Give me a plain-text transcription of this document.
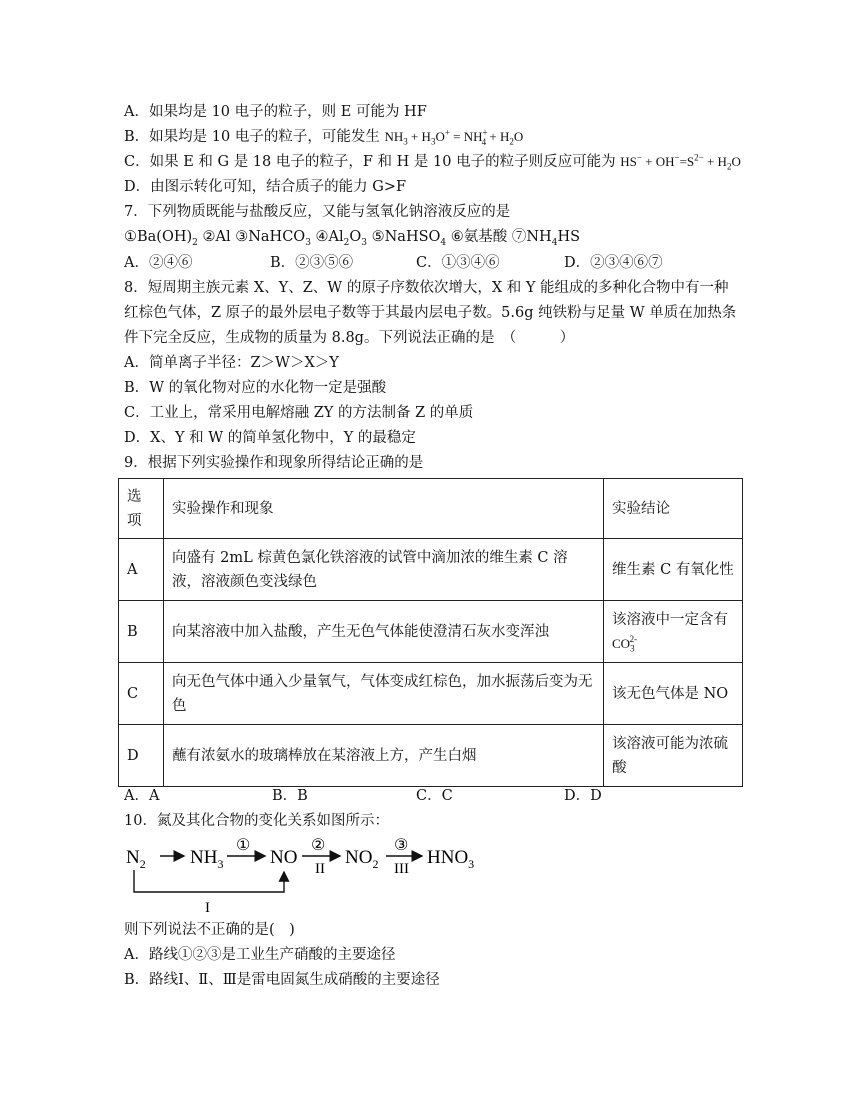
A．如果均是 10 电子的粒子，则 E 可能为 HF
B．如果均是 10 电子的粒子，可能发生 $NH_3 + H_3O^+ = NH^+_4 + H_2O$
C．如果 E 和 G 是 18 电子的粒子，F 和 H 是 10 电子的粒子则反应可能为 $HS^- + OH^-=S^{2-} + H_2O$
D．由图示转化可知，结合质子的能力 G>F
7．下列物质既能与盐酸反应，又能与氢氧化钠溶液反应的是
$①Ba(OH)_2$ ②Al ③NaHCO$_3$ $④Al_2O_3$ ⑤NaHSO$_4$ ⑥氨基酸 $⑦NH_4HS$
A．②④⑥	B．②③⑤⑥	C．①③④⑥	D．②③④⑥⑦
8．短周期主族元素 X、Y、Z、W 的原子序数依次增大，X 和 Y 能组成的多种化合物中有一种
红棕色气体，Z 原子的最外层电子数等于其最内层电子数。5.6g 纯铁粉与足量 W 单质在加热条
件下完全反应，生成物的质量为 8.8g。下列说法正确的是　（　　　）
A．简单离子半径：Z＞W＞X＞Y
B．W 的氧化物对应的水化物一定是强酸
C．工业上，常采用电解熔融 ZY 的方法制备 Z 的单质
D．X、Y 和 W 的简单氢化物中，Y 的最稳定
9．根据下列实验操作和现象所得结论正确的是
选项	实验操作和现象	实验结论
A	向盛有 2mL 棕黄色氯化铁溶液的试管中滴加浓的维生素 C 溶液，溶液颜色变浅绿色	维生素 C 有氧化性
B	向某溶液中加入盐酸，产生无色气体能使澄清石灰水变浑浊	该溶液中一定含有
$CO_3^{2-}$
C	向无色气体中通入少量氧气，气体变成红棕色，加水振荡后变为无色	该无色气体是 NO
D	蘸有浓氨水的玻璃棒放在某溶液上方，产生白烟	该溶液可能为浓硫酸
A．A	B．B	C．C	D．D
10．氮及其化合物的变化关系如图所示：
$N_2$ $NH_3$ NO	$NO_2$	$HNO_3$
①	②	③
II	III
I
则下列说法不正确的是(　)
A．路线①②③是工业生产硝酸的主要途径
B．路线Ⅰ、Ⅱ、Ⅲ是雷电固氮生成硝酸的主要途径
